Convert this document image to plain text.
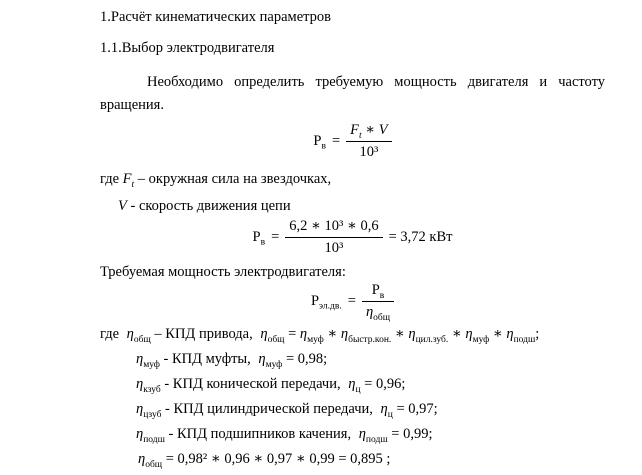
1.Расчёт кинематических параметров

1.1.Выбор электродвигателя

Необходимо определить требуемую мощность двигателя и частоту вращения.

$P_в = \frac{F_t ∗ V}{\text{10³}}$

где $F_t$ – окружная сила на звездочках,

V - скорость движения цепи

$P_в = \frac{\text{6,2 ∗ 10³ ∗ 0,6}}{\text{10³}} = 3,72$ кВт

Требуемая мощность электродвигателя:

$P_{эл.дв.} = \frac{P_в}{\eta_{общ}}$

где $\eta_{общ}$ – КПД привода, $\eta_{общ} = \eta_{муф}$ ∗ $\eta_{быстр.кон.}$ ∗ $\eta_{цил.зуб.}$ ∗ $\eta_{муф}$ ∗ $\eta_{подш}$;

$\eta_{муф}$ - КПД муфты, $\eta_{муф} = 0,98$;

$\eta_{кзуб}$ - КПД конической передачи, $\eta_ц = 0,96$;

$\eta_{цзуб}$ - КПД цилиндрической передачи, $\eta_ц = 0,97$;

$\eta_{подш}$ - КПД подшипников качения, $\eta_{подш} = 0,99$;

$\eta_{общ} = 0,98^2$ ∗ 0,96 ∗ 0,97 ∗ 0,99 = 0,895 ;
